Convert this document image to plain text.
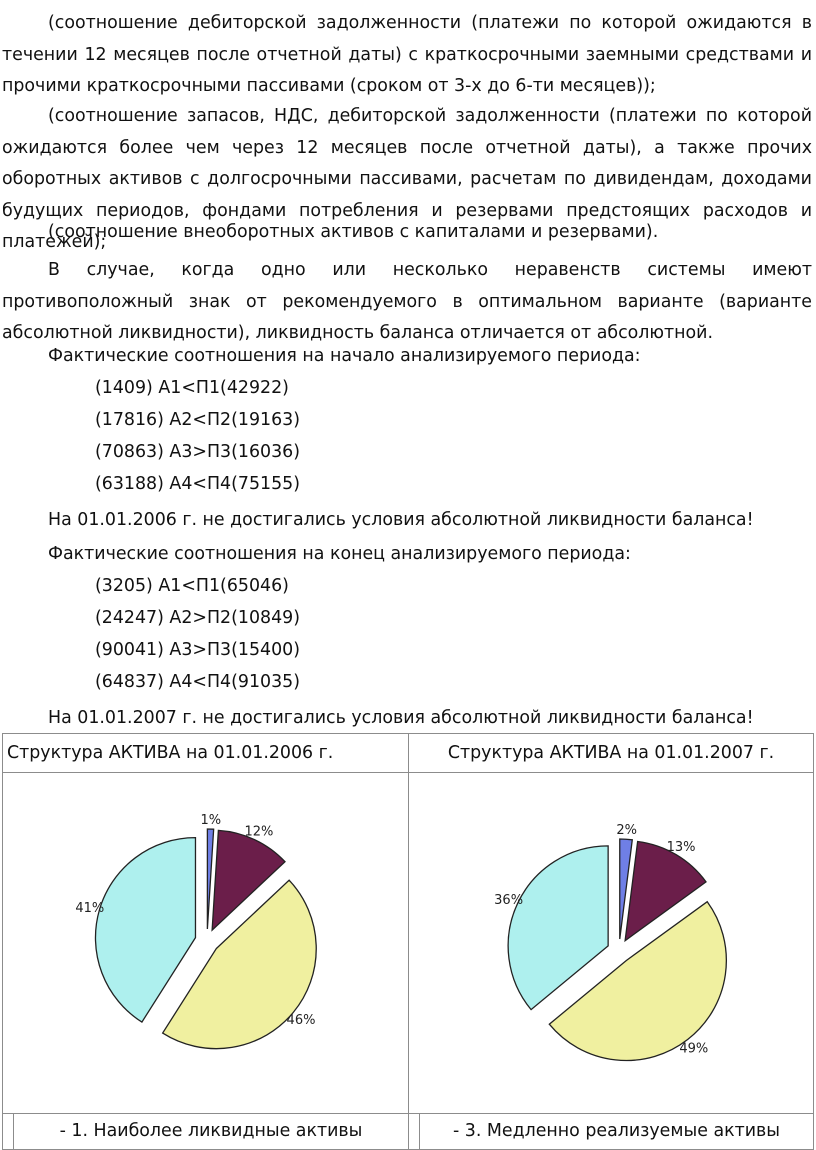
(соотношение дебиторской задолженности (платежи по которой ожидаются в течении 12 месяцев после отчетной даты) с краткосрочными заемными средствами и прочими краткосрочными пассивами (сроком от 3-х до 6-ти месяцев));

(соотношение запасов, НДС, дебиторской задолженности (платежи по которой ожидаются более чем через 12 месяцев после отчетной даты), а также прочих оборотных активов с долгосрочными пассивами, расчетам по дивидендам, доходами будущих периодов, фондами потребления и резервами предстоящих расходов и платежей);

(соотношение внеоборотных активов с капиталами и резервами).

В случае, когда одно или несколько неравенств системы имеют противоположный знак от рекомендуемого в оптимальном варианте (варианте абсолютной ликвидности), ликвидность баланса отличается от абсолютной.

Фактические соотношения на начало анализируемого периода:

(1409) А1<П1(42922)

(17816) А2<П2(19163)

(70863) А3>П3(16036)

(63188) А4<П4(75155)

На 01.01.2006 г. не достигались условия абсолютной ликвидности баланса!

Фактические соотношения на конец анализируемого периода:

(3205) А1<П1(65046)

(24247) А2>П2(10849)

(90041) А3>П3(15400)

(64837) А4<П4(91035)

На 01.01.2007 г. не достигались условия абсолютной ликвидности баланса!

Структура АКТИВА на 01.01.2006 г.		Структура АКТИВА на 01.01.2007 г.	

1%
12%
46%
41%		2%
13%
49%
36%	

	- 1. Наиболее ликвидные активы		- 3. Медленно реализуемые активы
